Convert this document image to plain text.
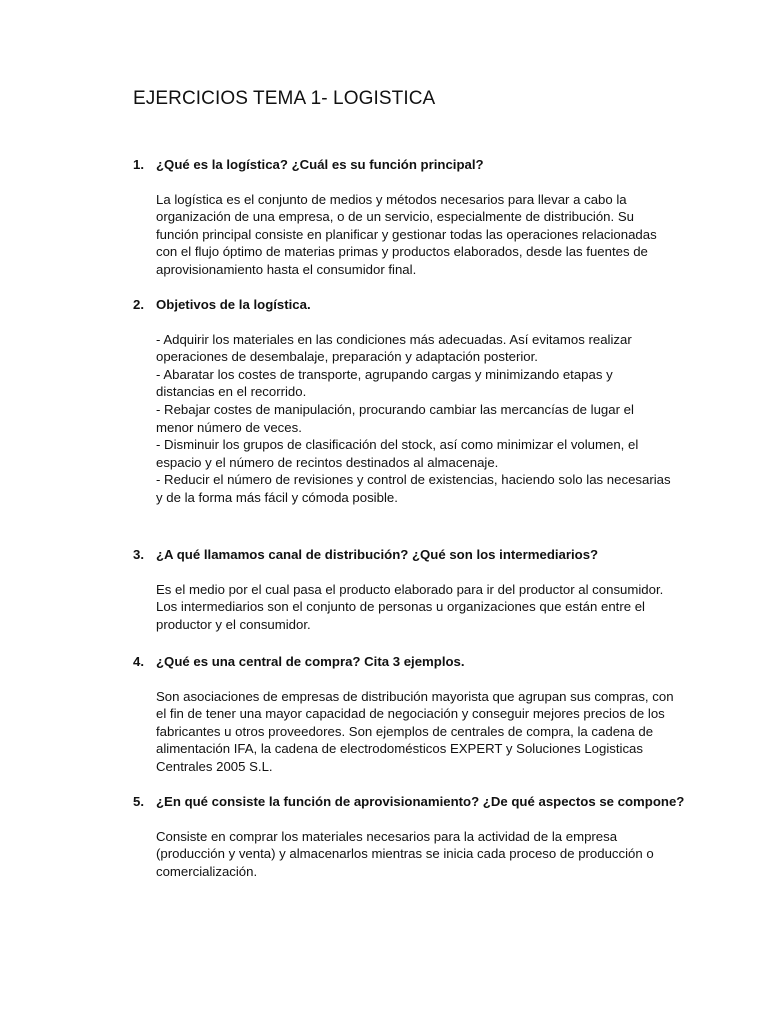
EJERCICIOS TEMA 1- LOGISTICA
1. ¿Qué es la logística? ¿Cuál es su función principal?
La logística es el conjunto de medios y métodos necesarios para llevar a cabo la
organización de una empresa, o de un servicio, especialmente de distribución. Su
función principal consiste en planificar y gestionar todas las operaciones relacionadas
con el flujo óptimo de materias primas y productos elaborados, desde las fuentes de
aprovisionamiento hasta el consumidor final.
2. Objetivos de la logística.
- Adquirir los materiales en las condiciones más adecuadas. Así evitamos realizar
operaciones de desembalaje, preparación y adaptación posterior.
- Abaratar los costes de transporte, agrupando cargas y minimizando etapas y
distancias en el recorrido.
- Rebajar costes de manipulación, procurando cambiar las mercancías de lugar el
menor número de veces.
- Disminuir los grupos de clasificación del stock, así como minimizar el volumen, el
espacio y el número de recintos destinados al almacenaje.
- Reducir el número de revisiones y control de existencias, haciendo solo las necesarias
y de la forma más fácil y cómoda posible.
3. ¿A qué llamamos canal de distribución? ¿Qué son los intermediarios?
Es el medio por el cual pasa el producto elaborado para ir del productor al consumidor.
Los intermediarios son el conjunto de personas u organizaciones que están entre el
productor y el consumidor.
4. ¿Qué es una central de compra? Cita 3 ejemplos.
Son asociaciones de empresas de distribución mayorista que agrupan sus compras, con
el fin de tener una mayor capacidad de negociación y conseguir mejores precios de los
fabricantes u otros proveedores. Son ejemplos de centrales de compra, la cadena de
alimentación IFA, la cadena de electrodomésticos EXPERT y Soluciones Logisticas
Centrales 2005 S.L.
5. ¿En qué consiste la función de aprovisionamiento? ¿De qué aspectos se compone?
Consiste en comprar los materiales necesarios para la actividad de la empresa
(producción y venta) y almacenarlos mientras se inicia cada proceso de producción o
comercialización.
